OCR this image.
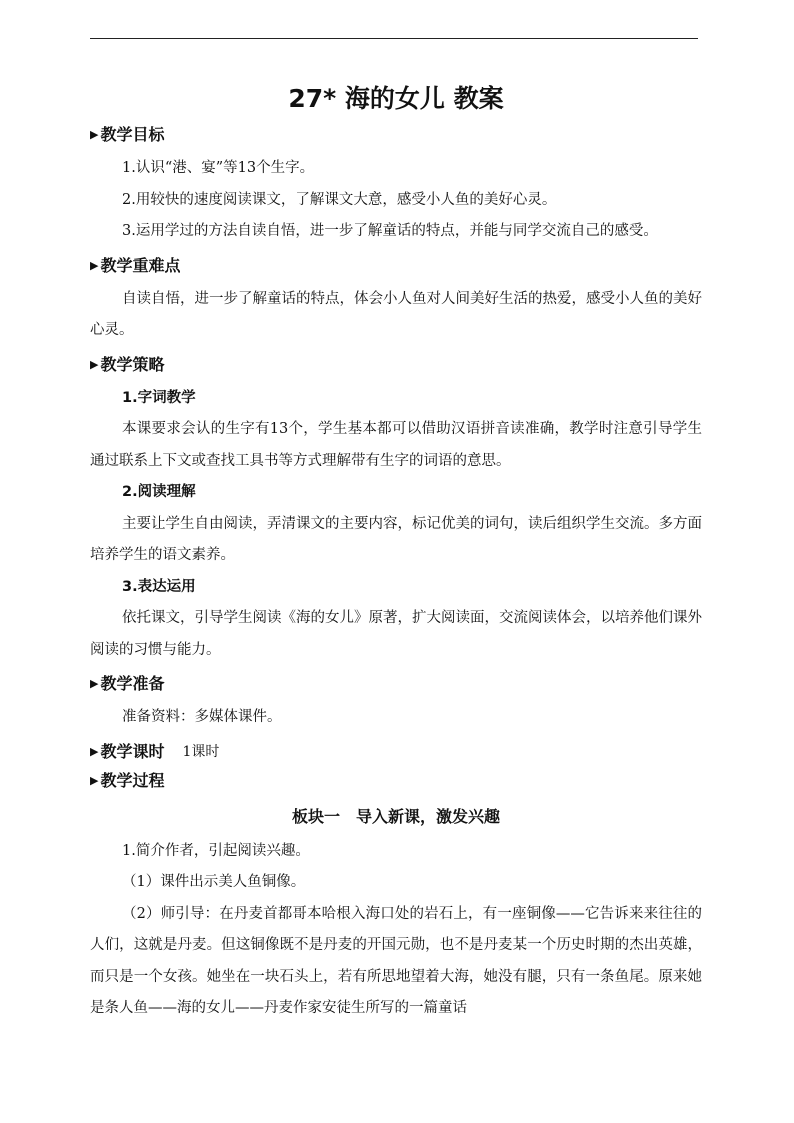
27* 海的女儿 教案
▶ 教学目标

1.认识“港、宴”等13个生字。

2.用较快的速度阅读课文，了解课文大意，感受小人鱼的美好心灵。

3.运用学过的方法自读自悟，进一步了解童话的特点，并能与同学交流自己的感受。

▶ 教学重难点

自读自悟，进一步了解童话的特点，体会小人鱼对人间美好生活的热爱，感受小人鱼的美好心灵。

▶ 教学策略

1.字词教学

本课要求会认的生字有13个，学生基本都可以借助汉语拼音读准确，教学时注意引导学生通过联系上下文或查找工具书等方式理解带有生字的词语的意思。

2.阅读理解

主要让学生自由阅读，弄清课文的主要内容，标记优美的词句，读后组织学生交流。多方面培养学生的语文素养。

3.表达运用

依托课文，引导学生阅读《海的女儿》原著，扩大阅读面，交流阅读体会，以培养他们课外阅读的习惯与能力。

▶ 教学准备

准备资料：多媒体课件。

▶ 教学课时 1课时
▶ 教学过程
板块一 导入新课，激发兴趣

1.简介作者，引起阅读兴趣。

（1）课件出示美人鱼铜像。

（2）师引导：在丹麦首都哥本哈根入海口处的岩石上，有一座铜像——它告诉来来往往的人们，这就是丹麦。但这铜像既不是丹麦的开国元勋，也不是丹麦某一个历史时期的杰出英雄，而只是一个女孩。她坐在一块石头上，若有所思地望着大海，她没有腿，只有一条鱼尾。原来她是条人鱼——海的女儿——丹麦作家安徒生所写的一篇童话
